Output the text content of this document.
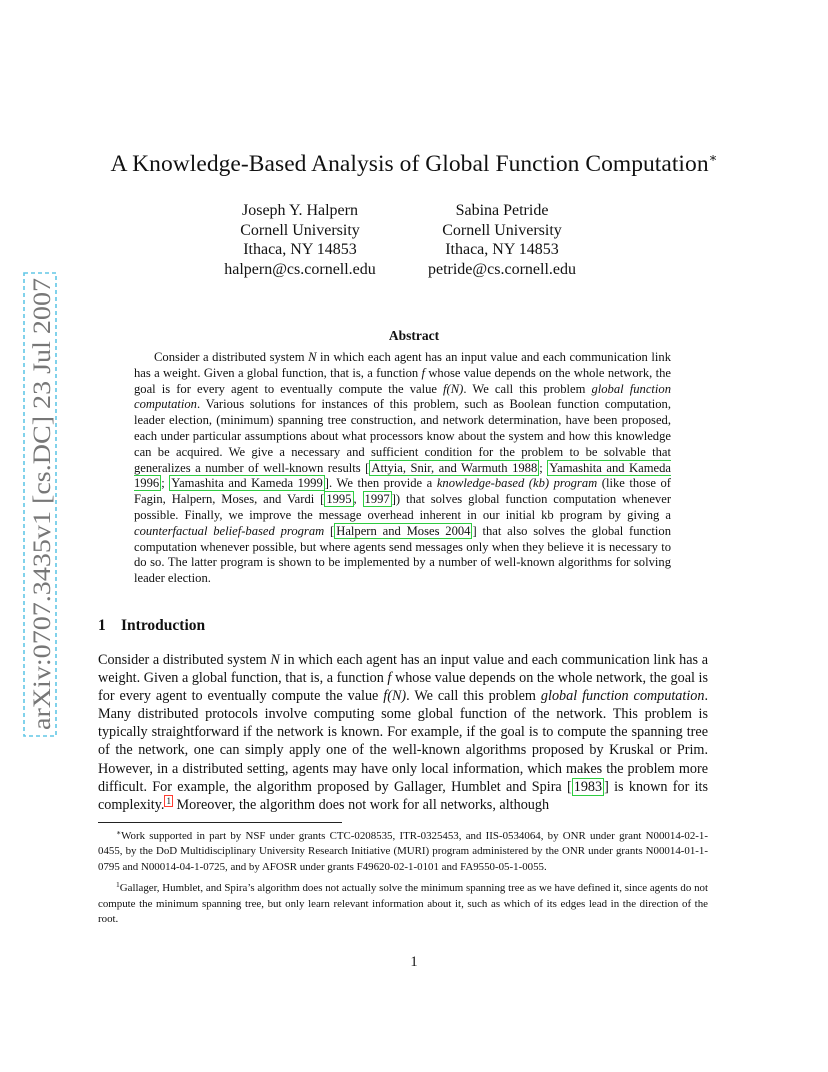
arXiv:0707.3435v1 [cs.DC] 23 Jul 2007
A Knowledge-Based Analysis of Global Function Computation∗
Joseph Y. Halpern
Cornell University
Ithaca, NY 14853
halpern@cs.cornell.edu
Sabina Petride
Cornell University
Ithaca, NY 14853
petride@cs.cornell.edu
Abstract

Consider a distributed system N in which each agent has an input value and each communication link has a weight. Given a global function, that is, a function f whose value depends on the whole network, the goal is for every agent to eventually compute the value f(N). We call this problem global function computation. Various solutions for instances of this problem, such as Boolean function computation, leader election, (minimum) spanning tree construction, and network determination, have been proposed, each under particular assumptions about what processors know about the system and how this knowledge can be acquired. We give a necessary and sufficient condition for the problem to be solvable that generalizes a number of well-known results [ Attyia, Snir, and Warmuth 1988 ; Yamashita and Kameda 1996 ; Yamashita and Kameda 1999 ]. We then provide a knowledge-based (kb) program (like those of Fagin, Halpern, Moses, and Vardi [ 1995 , 1997 ]) that solves global function computation whenever possible. Finally, we improve the message overhead inherent in our initial kb program by giving a counterfactual belief-based program [ Halpern and Moses 2004 ] that also solves the global function computation whenever possible, but where agents send messages only when they believe it is necessary to do so. The latter program is shown to be implemented by a number of well-known algorithms for solving leader election.

1 Introduction

Consider a distributed system N in which each agent has an input value and each communication link has a weight. Given a global function, that is, a function f whose value depends on the whole network, the goal is for every agent to eventually compute the value f(N). We call this problem global function computation. Many distributed protocols involve computing some global function of the network. This problem is typically straightforward if the network is known. For example, if the goal is to compute the spanning tree of the network, one can simply apply one of the well-known algorithms proposed by Kruskal or Prim. However, in a distributed setting, agents may have only local information, which makes the problem more difficult. For example, the algorithm proposed by Gallager, Humblet and Spira [ 1983 ] is known for its complexity. $^1$ Moreover, the algorithm does not work for all networks, although

∗Work supported in part by NSF under grants CTC-0208535, ITR-0325453, and IIS-0534064, by ONR under grant N00014-02-1-0455, by the DoD Multidisciplinary University Research Initiative (MURI) program administered by the ONR under grants N00014-01-1-0795 and N00014-04-1-0725, and by AFOSR under grants F49620-02-1-0101 and FA9550-05-1-0055.

$^1$Gallager, Humblet, and Spira’s algorithm does not actually solve the minimum spanning tree as we have defined it, since agents do not compute the minimum spanning tree, but only learn relevant information about it, such as which of its edges lead in the direction of the root.

1
